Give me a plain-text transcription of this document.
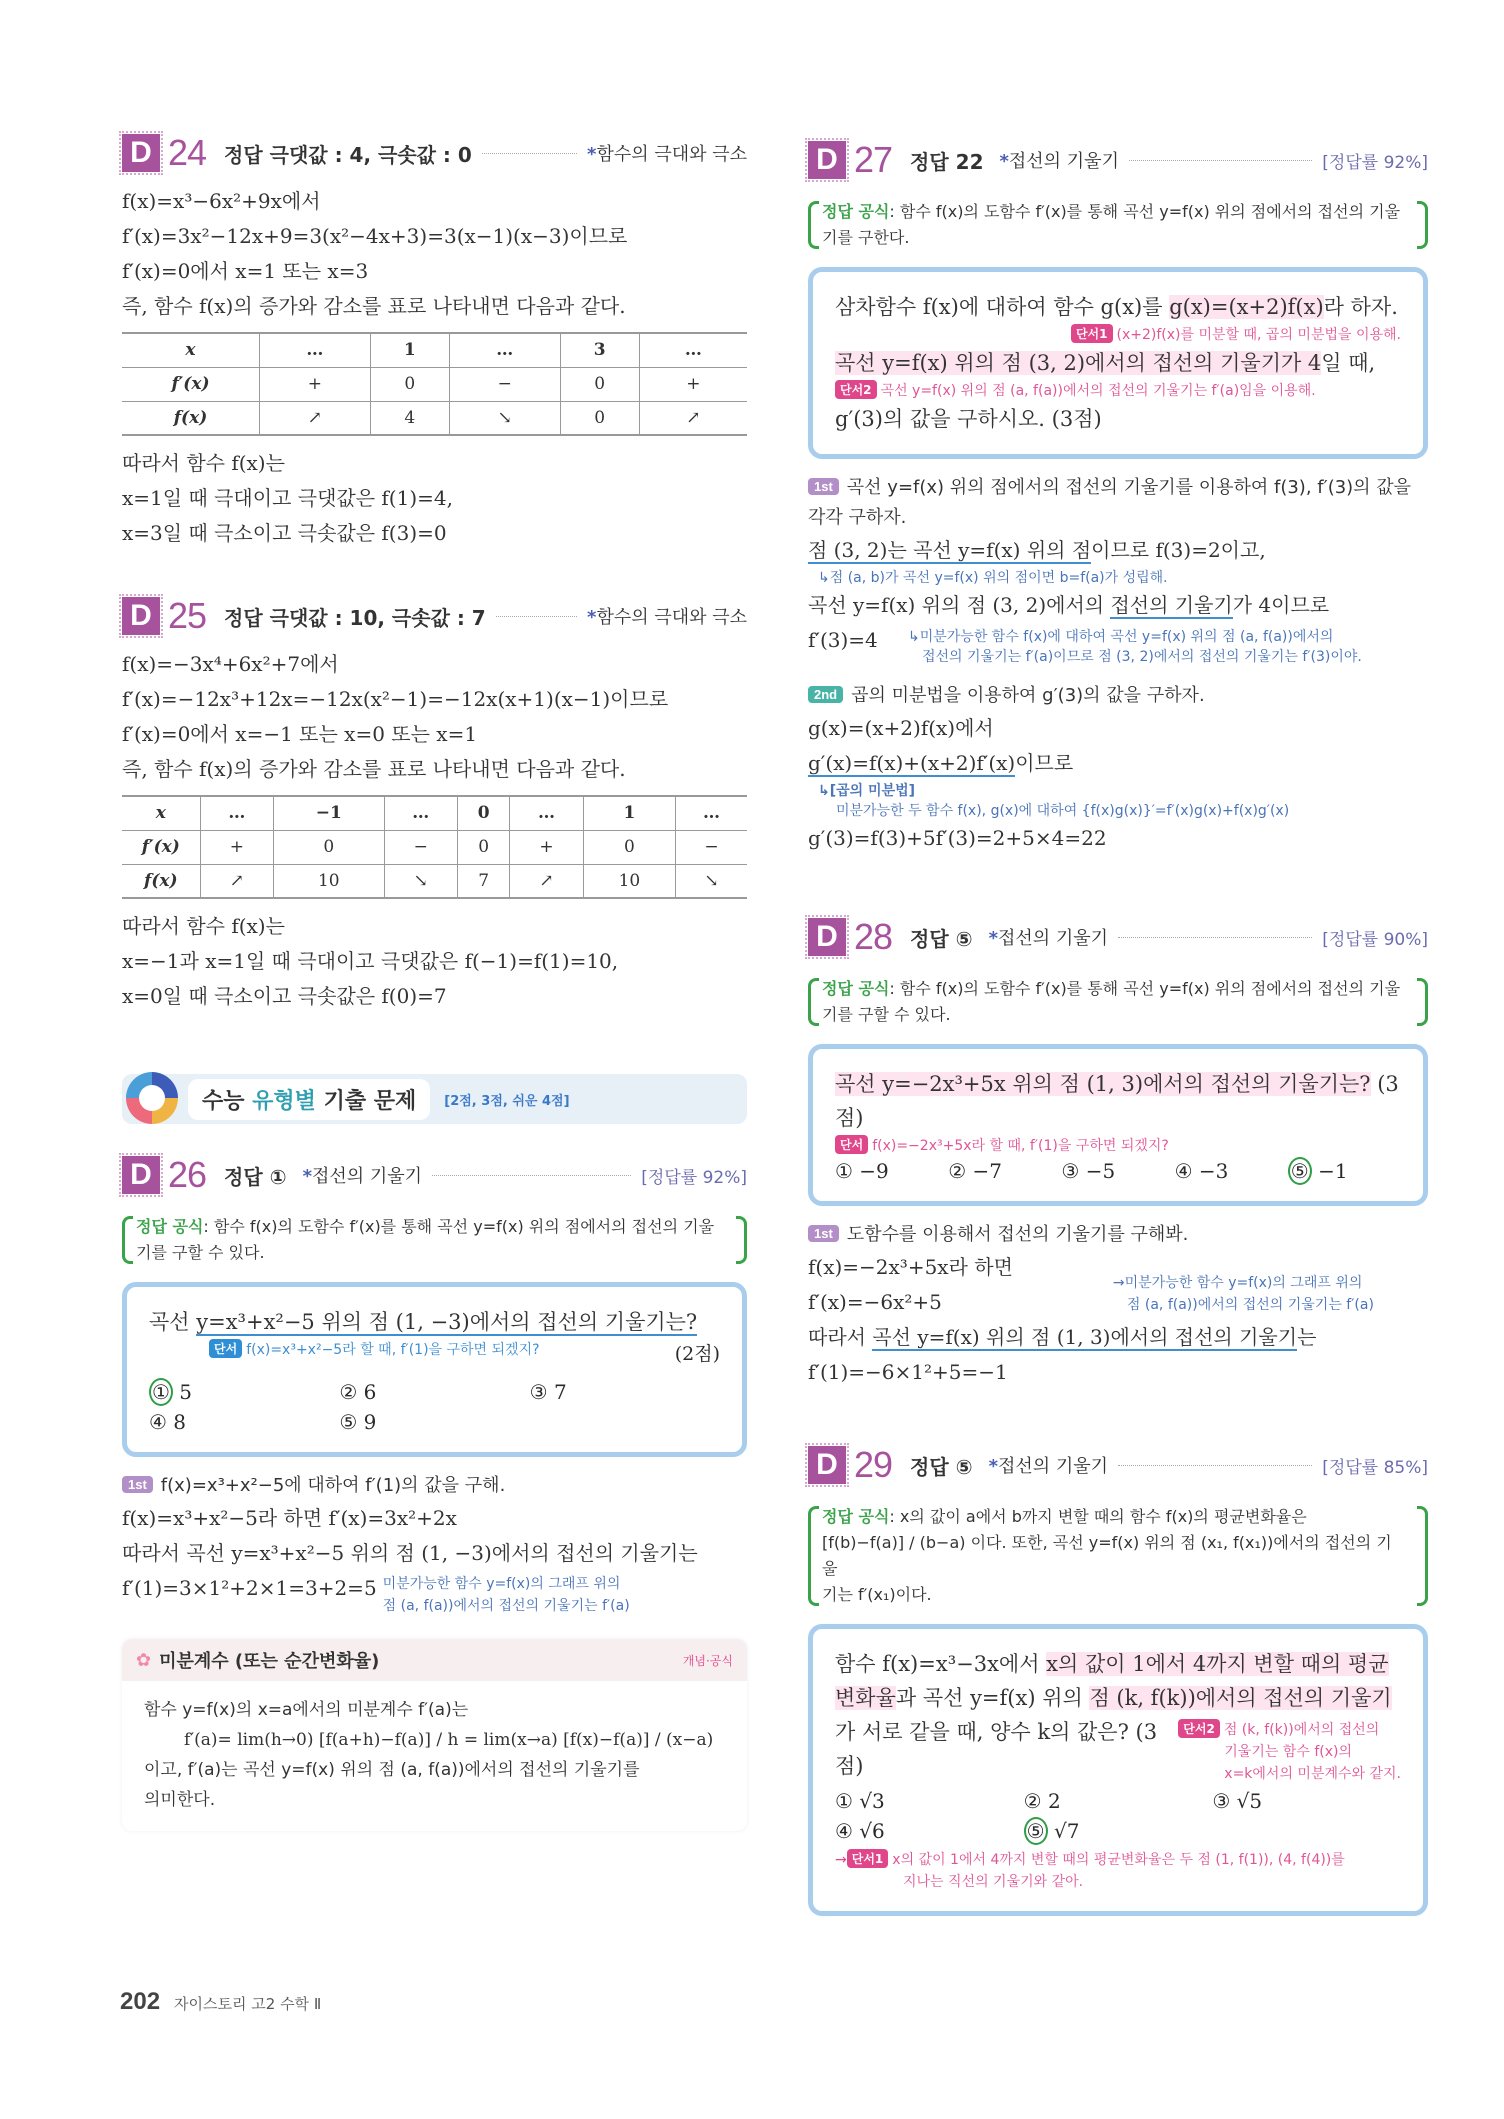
D 24 정답 극댓값 : 4, 극솟값 : 0	*함수의 극대와 극소
f(x)=x³−6x²+9x에서
f′(x)=3x²−12x+9=3(x²−4x+3)=3(x−1)(x−3)이므로
f′(x)=0에서 x=1 또는 x=3
즉, 함수 f(x)의 증가와 감소를 표로 나타내면 다음과 같다.
x	…	1	…	3	…
f′(x)	+	0	−	0	+
f(x)	↗	4	↘	0	↗
따라서 함수 f(x)는
x=1일 때 극대이고 극댓값은 f(1)=4,
x=3일 때 극소이고 극솟값은 f(3)=0
D 25 정답 극댓값 : 10, 극솟값 : 7	*함수의 극대와 극소
f(x)=−3x⁴+6x²+7에서
f′(x)=−12x³+12x=−12x(x²−1)=−12x(x+1)(x−1)이므로
f′(x)=0에서 x=−1 또는 x=0 또는 x=1
즉, 함수 f(x)의 증가와 감소를 표로 나타내면 다음과 같다.
x	…	−1	…	0	…	1	…
f′(x)	+	0	−	0	+	0	−
f(x)	↗	10	↘	7	↗	10	↘
따라서 함수 f(x)는
x=−1과 x=1일 때 극대이고 극댓값은 f(−1)=f(1)=10,
x=0일 때 극소이고 극솟값은 f(0)=7
수능 유형별 기출 문제	[2점, 3점, 쉬운 4점]
D 26 정답 ① *접선의 기울기	[정답률 92%]
정답 공식: 함수 f(x)의 도함수 f′(x)를 통해 곡선 y=f(x) 위의 점에서의 접선의 기울기를 구할 수 있다.
곡선 y=x³+x²−5 위의 점 (1, −3)에서의 접선의 기울기는?
단서 f(x)=x³+x²−5라 할 때, f′(1)을 구하면 되겠지?	(2점)
① 5	② 6	③ 7
④ 8	⑤ 9
1st f(x)=x³+x²−5에 대하여 f′(1)의 값을 구해.
f(x)=x³+x²−5라 하면 f′(x)=3x²+2x
따라서 곡선 y=x³+x²−5 위의 점 (1, −3)에서의 접선의 기울기는
f′(1)=3×1²+2×1=3+2=5 미분가능한 함수 y=f(x)의 그래프 위의
점 (a, f(a))에서의 접선의 기울기는 f′(a)
✿ 미분계수 (또는 순간변화율)	개념·공식
함수 y=f(x)의 x=a에서의 미분계수 f′(a)는
f′(a)= lim(h→0) [f(a+h)−f(a)] / h = lim(x→a) [f(x)−f(a)] / (x−a)
이고, f′(a)는 곡선 y=f(x) 위의 점 (a, f(a))에서의 접선의 기울기를
의미한다.
D 27 정답 22 *접선의 기울기	[정답률 92%]
정답 공식: 함수 f(x)의 도함수 f′(x)를 통해 곡선 y=f(x) 위의 점에서의 접선의 기울기를 구한다.
삼차함수 f(x)에 대하여 함수 g(x)를 g(x)=(x+2)f(x)라 하자.
단서1 (x+2)f(x)를 미분할 때, 곱의 미분법을 이용해.
곡선 y=f(x) 위의 점 (3, 2)에서의 접선의 기울기가 4일 때,
단서2 곡선 y=f(x) 위의 점 (a, f(a))에서의 접선의 기울기는 f′(a)임을 이용해.
g′(3)의 값을 구하시오. (3점)
1st 곡선 y=f(x) 위의 점에서의 접선의 기울기를 이용하여 f(3), f′(3)의 값을 각각 구하자.
점 (3, 2)는 곡선 y=f(x) 위의 점이므로 f(3)=2이고,
↳점 (a, b)가 곡선 y=f(x) 위의 점이면 b=f(a)가 성립해.
곡선 y=f(x) 위의 점 (3, 2)에서의 접선의 기울기가 4이므로
f′(3)=4	↳미분가능한 함수 f(x)에 대하여 곡선 y=f(x) 위의 점 (a, f(a))에서의
접선의 기울기는 f′(a)이므로 점 (3, 2)에서의 접선의 기울기는 f′(3)이야.
2nd 곱의 미분법을 이용하여 g′(3)의 값을 구하자.
g(x)=(x+2)f(x)에서
g′(x)=f(x)+(x+2)f′(x)이므로
↳[곱의 미분법]
미분가능한 두 함수 f(x), g(x)에 대하여 {f(x)g(x)}′=f′(x)g(x)+f(x)g′(x)
g′(3)=f(3)+5f′(3)=2+5×4=22
D 28 정답 ⑤ *접선의 기울기	[정답률 90%]
정답 공식: 함수 f(x)의 도함수 f′(x)를 통해 곡선 y=f(x) 위의 점에서의 접선의 기울기를 구할 수 있다.
곡선 y=−2x³+5x 위의 점 (1, 3)에서의 접선의 기울기는? (3점)
단서 f(x)=−2x³+5x라 할 때, f′(1)을 구하면 되겠지?
① −9	② −7	③ −5	④ −3	⑤ −1
1st 도함수를 이용해서 접선의 기울기를 구해봐.
f(x)=−2x³+5x라 하면
f′(x)=−6x²+5
→미분가능한 함수 y=f(x)의 그래프 위의
점 (a, f(a))에서의 접선의 기울기는 f′(a)
따라서 곡선 y=f(x) 위의 점 (1, 3)에서의 접선의 기울기는
f′(1)=−6×1²+5=−1
D 29 정답 ⑤ *접선의 기울기	[정답률 85%]
정답 공식: x의 값이 a에서 b까지 변할 때의 함수 f(x)의 평균변화율은
[f(b)−f(a)] / (b−a) 이다. 또한, 곡선 y=f(x) 위의 점 (x₁, f(x₁))에서의 접선의 기울
기는 f′(x₁)이다.
함수 f(x)=x³−3x에서 x의 값이 1에서 4까지 변할 때의 평균
변화율과 곡선 y=f(x) 위의 점 (k, f(k))에서의 접선의 기울기
가 서로 같을 때, 양수 k의 값은? (3점)
단서2 점 (k, f(k))에서의 접선의
기울기는 함수 f(x)의
x=k에서의 미분계수와 같지.
① √3	② 2	③ √5
④ √6	⑤ √7
→ 단서1 x의 값이 1에서 4까지 변할 때의 평균변화율은 두 점 (1, f(1)), (4, f(4))를
지나는 직선의 기울기와 같아.
202 자이스토리 고2 수학 Ⅱ
